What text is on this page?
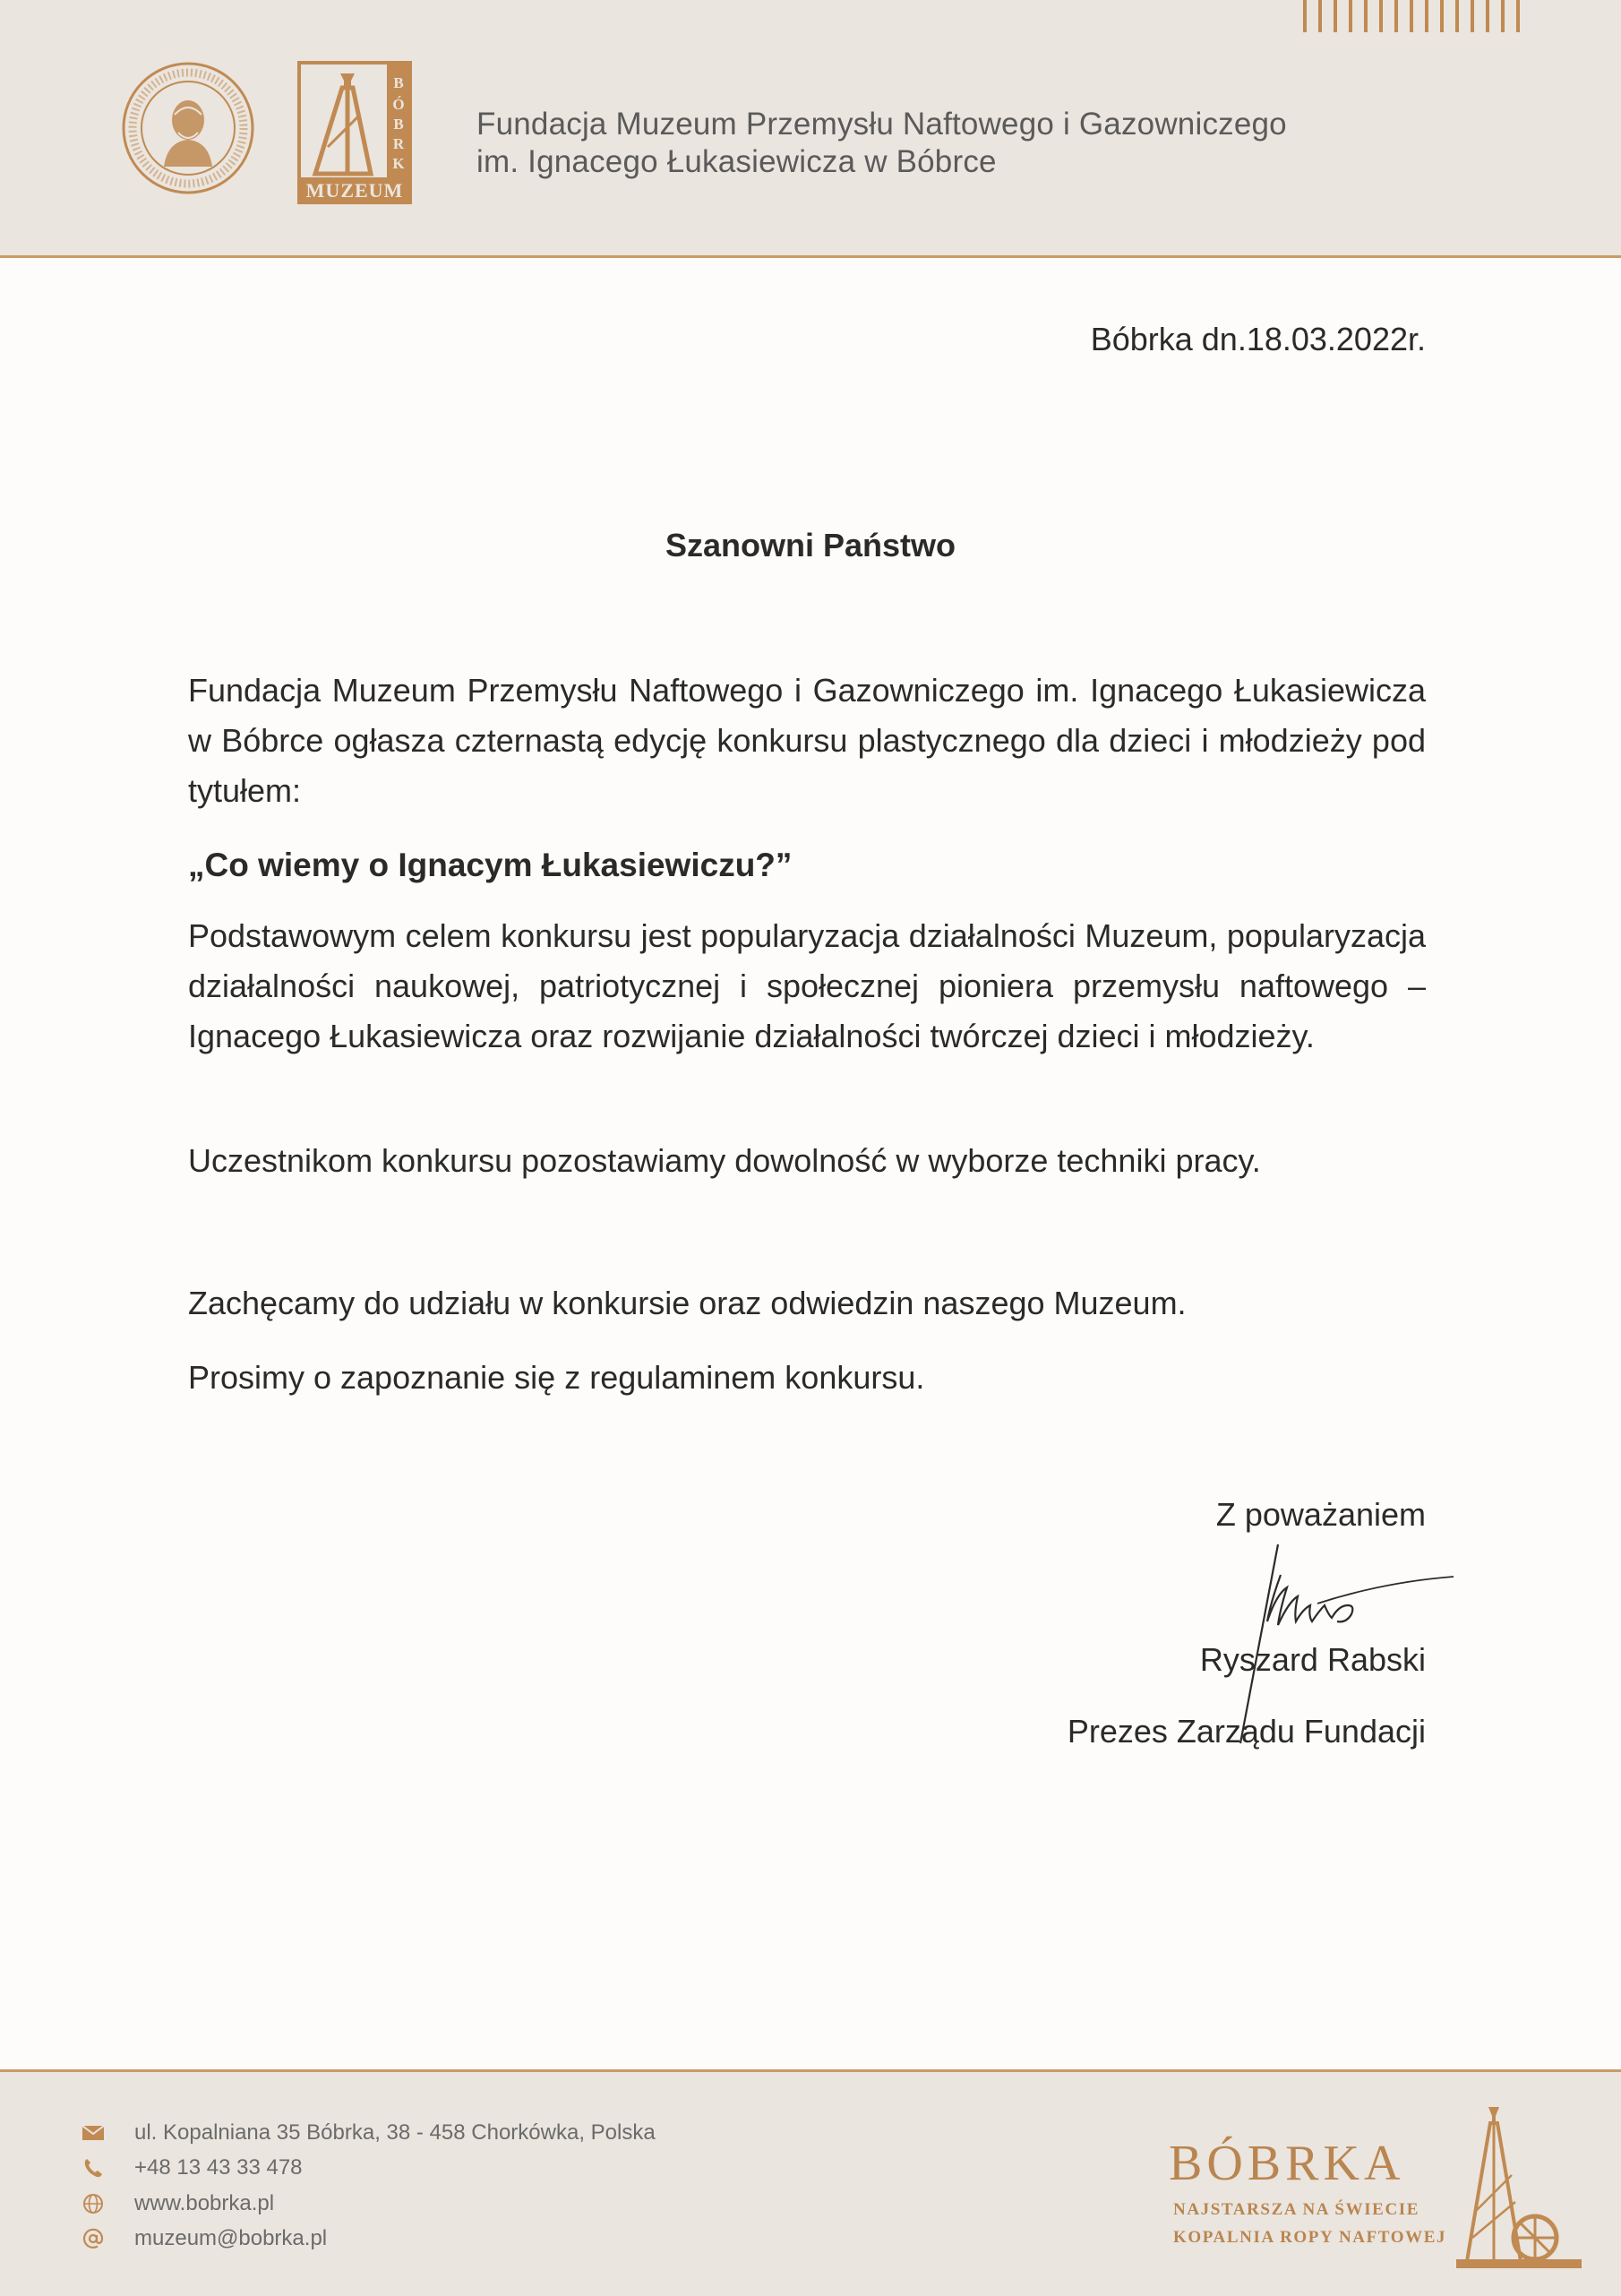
B
Ó
B
R
K
MUZEUM
Fundacja Muzeum Przemysłu Naftowego i Gazowniczego
im. Ignacego Łukasiewicza w Bóbrce
Bóbrka dn.18.03.2022r.
Szanowni Państwo
Fundacja Muzeum Przemysłu Naftowego i Gazowniczego im. Ignacego Łukasiewicza w Bóbrce ogłasza czternastą edycję konkursu plastycznego dla dzieci i młodzieży pod tytułem:
„Co wiemy o Ignacym Łukasiewiczu?”
Podstawowym celem konkursu jest popularyzacja działalności Muzeum, popularyzacja działalności naukowej, patriotycznej i społecznej pioniera przemysłu naftowego – Ignacego Łukasiewicza oraz rozwijanie działalności twórczej dzieci i młodzieży.
Uczestnikom konkursu pozostawiamy dowolność w wyborze techniki pracy.
Zachęcamy do udziału w konkursie oraz odwiedzin naszego Muzeum.
Prosimy o zapoznanie się z regulaminem konkursu.
Z poważaniem
Ryszard Rabski
Prezes Zarządu Fundacji
ul. Kopalniana 35 Bóbrka, 38 - 458 Chorkówka, Polska
+48 13 43 33 478
www.bobrka.pl
muzeum@bobrka.pl
BÓBRKA
NAJSTARSZA NA ŚWIECIE
KOPALNIA ROPY NAFTOWEJ
